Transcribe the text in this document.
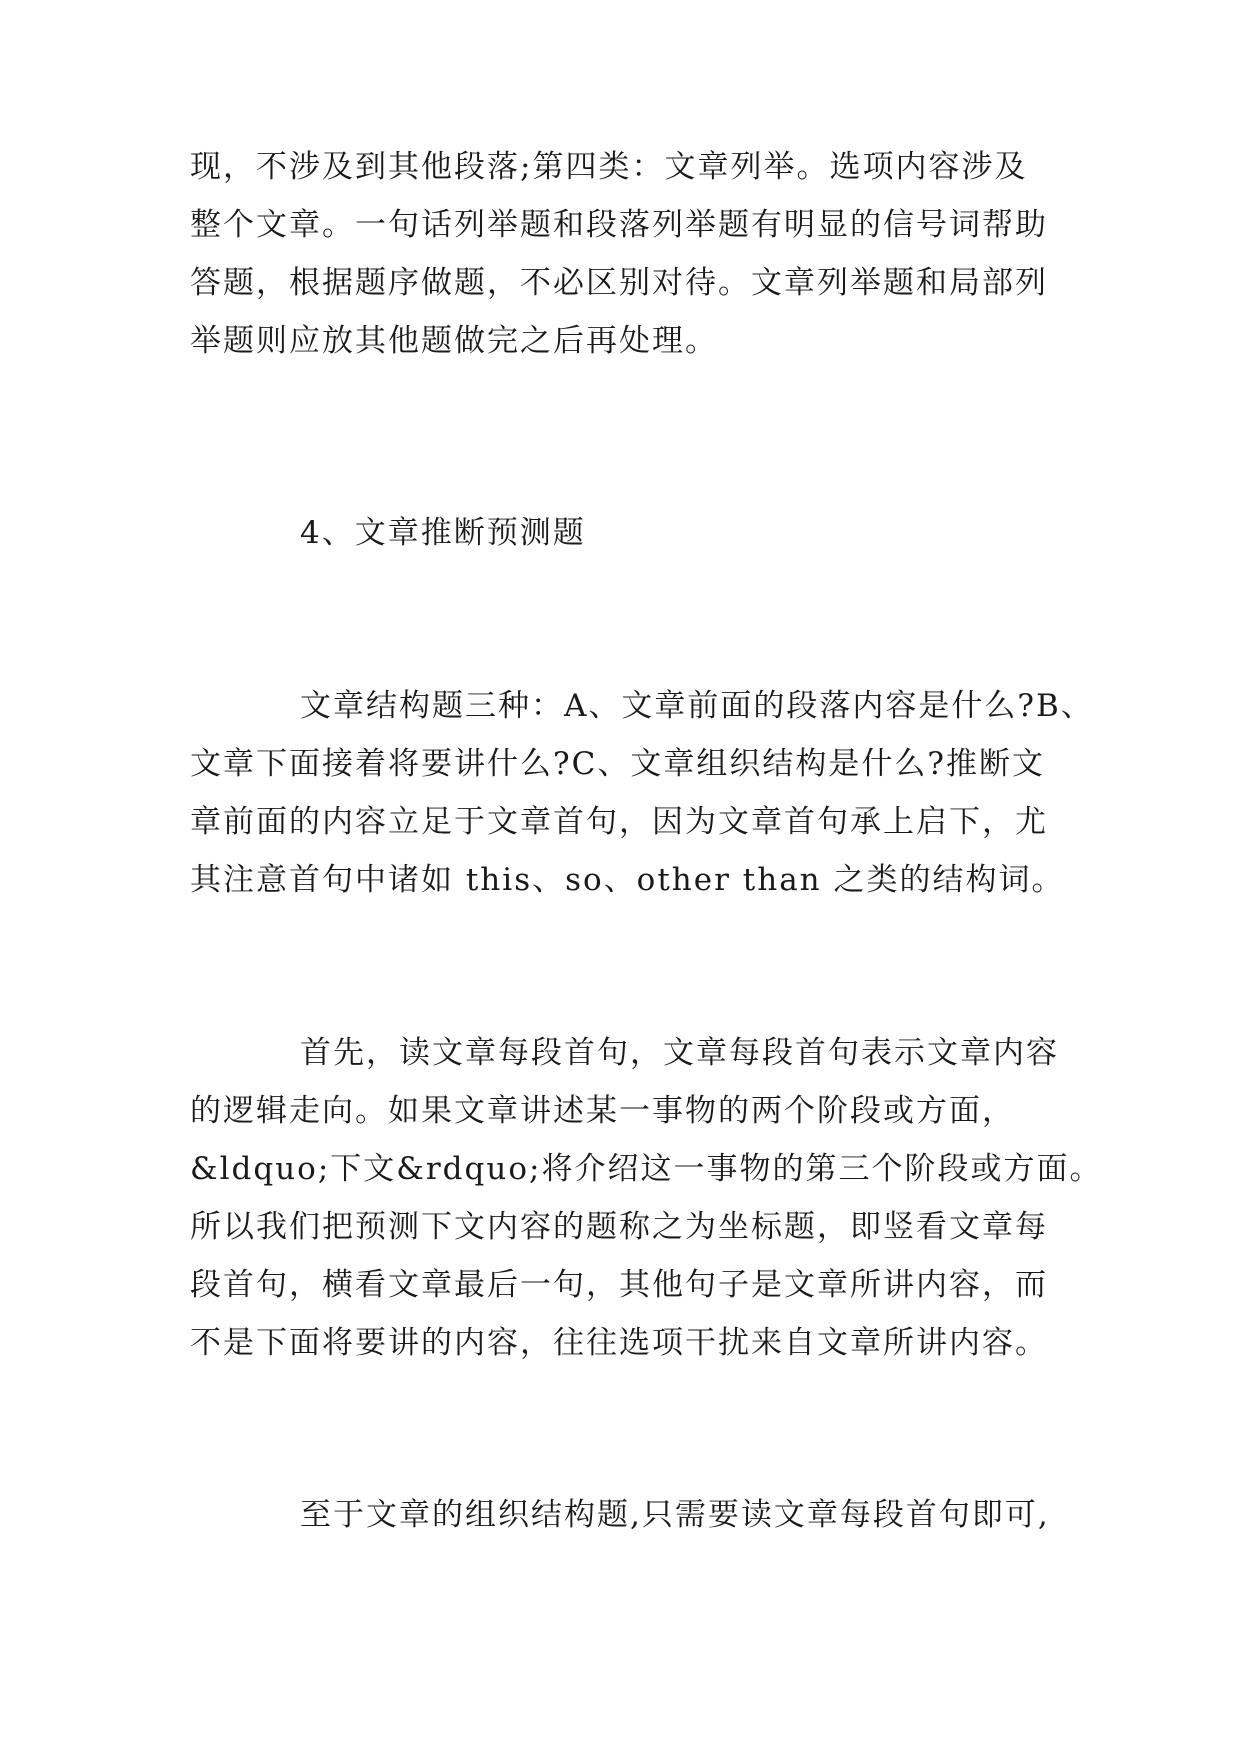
现，不涉及到其他段落;第四类：文章列举。选项内容涉及
整个文章。一句话列举题和段落列举题有明显的信号词帮助
答题，根据题序做题，不必区别对待。文章列举题和局部列
举题则应放其他题做完之后再处理。
4、文章推断预测题
文章结构题三种：A、文章前面的段落内容是什么?B、
文章下面接着将要讲什么?C、文章组织结构是什么?推断文
章前面的内容立足于文章首句，因为文章首句承上启下，尤
其注意首句中诸如 this、so、other than 之类的结构词。
首先，读文章每段首句，文章每段首句表示文章内容
的逻辑走向。如果文章讲述某一事物的两个阶段或方面，
&ldquo;下文&rdquo;将介绍这一事物的第三个阶段或方面。
所以我们把预测下文内容的题称之为坐标题，即竖看文章每
段首句，横看文章最后一句，其他句子是文章所讲内容，而
不是下面将要讲的内容，往往选项干扰来自文章所讲内容。
至于文章的组织结构题,只需要读文章每段首句即可,
